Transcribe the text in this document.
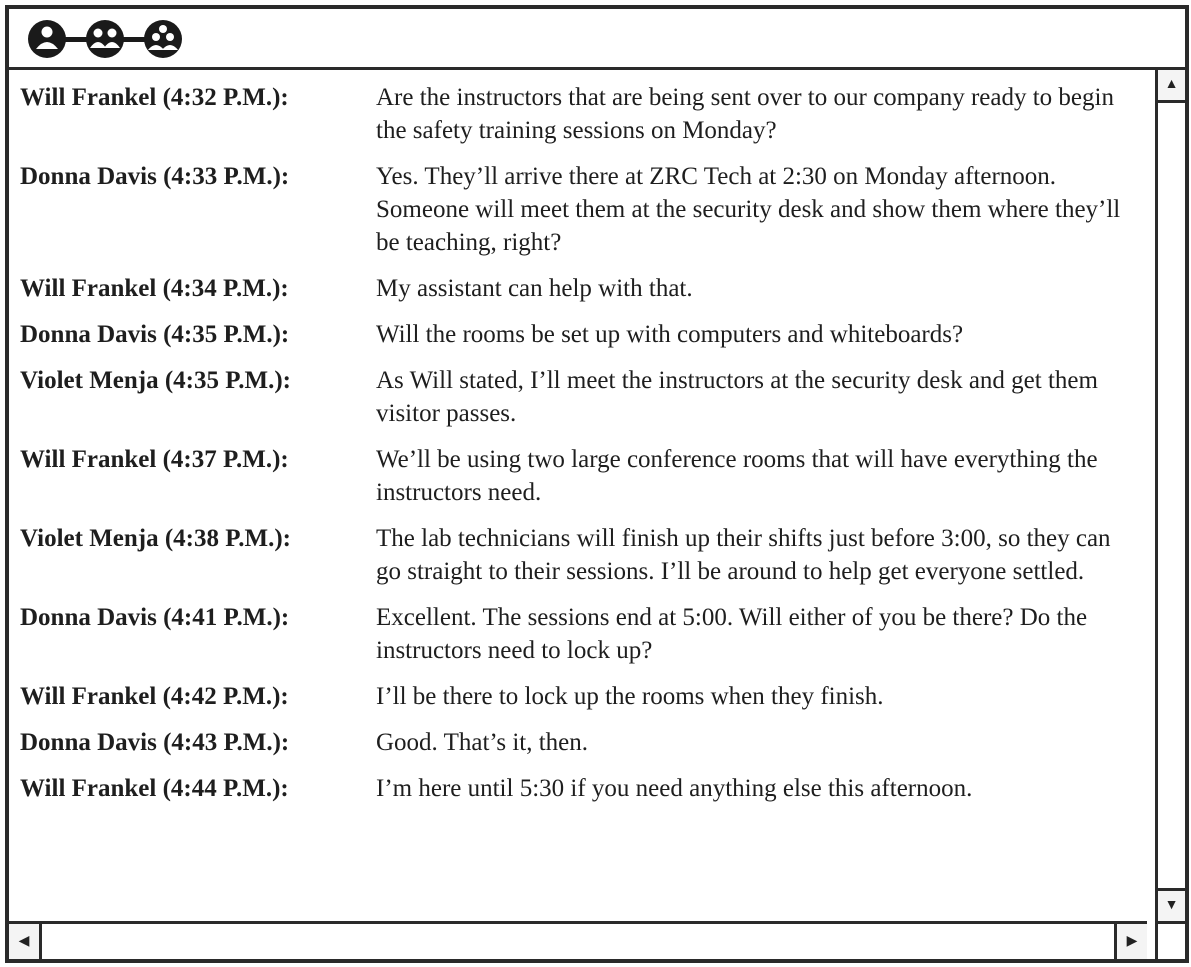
Will Frankel (4:32 P.M.):	Are the instructors that are being sent over to our company ready to begin the safety training sessions on Monday?
Donna Davis (4:33 P.M.):	Yes. They’ll arrive there at ZRC Tech at 2:30 on Monday afternoon. Someone will meet them at the security desk and show them where they’ll be teaching, right?
Will Frankel (4:34 P.M.):	My assistant can help with that.
Donna Davis (4:35 P.M.):	Will the rooms be set up with computers and whiteboards?
Violet Menja (4:35 P.M.):	As Will stated, I’ll meet the instructors at the security desk and get them visitor passes.
Will Frankel (4:37 P.M.):	We’ll be using two large conference rooms that will have everything the instructors need.
Violet Menja (4:38 P.M.):	The lab technicians will finish up their shifts just before 3:00, so they can go straight to their sessions. I’ll be around to help get everyone settled.
Donna Davis (4:41 P.M.):	Excellent. The sessions end at 5:00. Will either of you be there? Do the instructors need to lock up?
Will Frankel (4:42 P.M.):	I’ll be there to lock up the rooms when they finish.
Donna Davis (4:43 P.M.):	Good. That’s it, then.
Will Frankel (4:44 P.M.):	I’m here until 5:30 if you need anything else this afternoon.
▲
▼
◀	▶
